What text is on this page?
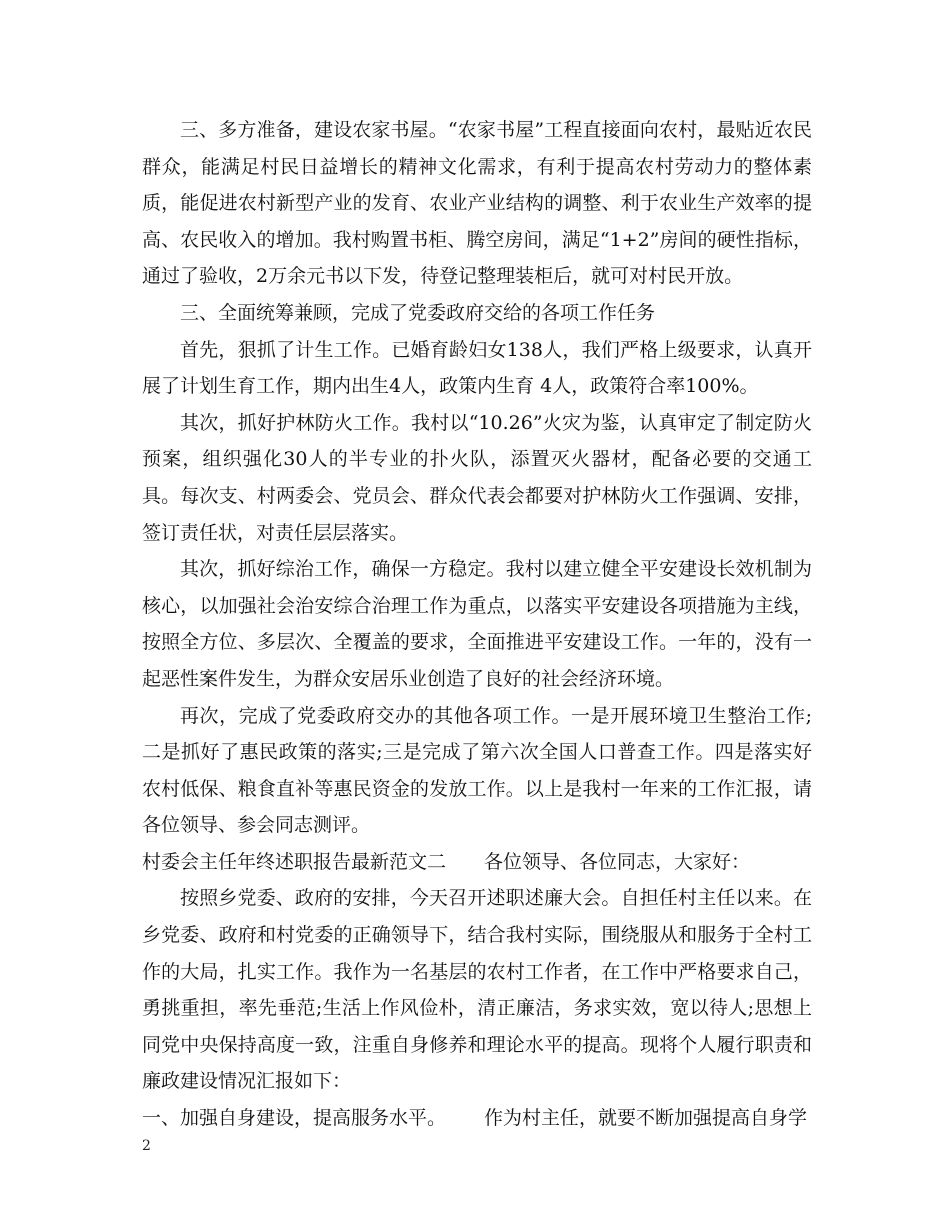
三、多方准备，建设农家书屋。“农家书屋”工程直接面向农村，最贴近农民群众，能满足村民日益增长的精神文化需求，有利于提高农村劳动力的整体素质，能促进农村新型产业的发育、农业产业结构的调整、利于农业生产效率的提高、农民收入的增加。我村购置书柜、腾空房间，满足“1+2”房间的硬性指标，通过了验收，2万余元书以下发，待登记整理装柜后，就可对村民开放。

三、全面统筹兼顾，完成了党委政府交给的各项工作任务

首先，狠抓了计生工作。已婚育龄妇女138人，我们严格上级要求，认真开展了计划生育工作，期内出生4人，政策内生育 4人，政策符合率100%。

其次，抓好护林防火工作。我村以“10.26”火灾为鉴，认真审定了制定防火预案，组织强化30人的半专业的扑火队，添置灭火器材，配备必要的交通工具。每次支、村两委会、党员会、群众代表会都要对护林防火工作强调、安排，签订责任状，对责任层层落实。

其次，抓好综治工作，确保一方稳定。我村以建立健全平安建设长效机制为核心，以加强社会治安综合治理工作为重点，以落实平安建设各项措施为主线，按照全方位、多层次、全覆盖的要求，全面推进平安建设工作。一年的，没有一起恶性案件发生，为群众安居乐业创造了良好的社会经济环境。

再次，完成了党委政府交办的其他各项工作。一是开展环境卫生整治工作;二是抓好了惠民政策的落实;三是完成了第六次全国人口普查工作。四是落实好农村低保、粮食直补等惠民资金的发放工作。以上是我村一年来的工作汇报，请各位领导、参会同志测评。

村委会主任年终述职报告最新范文二 各位领导、各位同志，大家好：

按照乡党委、政府的安排，今天召开述职述廉大会。自担任村主任以来。在乡党委、政府和村党委的正确领导下，结合我村实际，围绕服从和服务于全村工作的大局，扎实工作。我作为一名基层的农村工作者，在工作中严格要求自己，勇挑重担，率先垂范;生活上作风俭朴，清正廉洁，务求实效，宽以待人;思想上同党中央保持高度一致，注重自身修养和理论水平的提高。现将个人履行职责和廉政建设情况汇报如下：

一、加强自身建设，提高服务水平。 作为村主任，就要不断加强提高自身学

2
